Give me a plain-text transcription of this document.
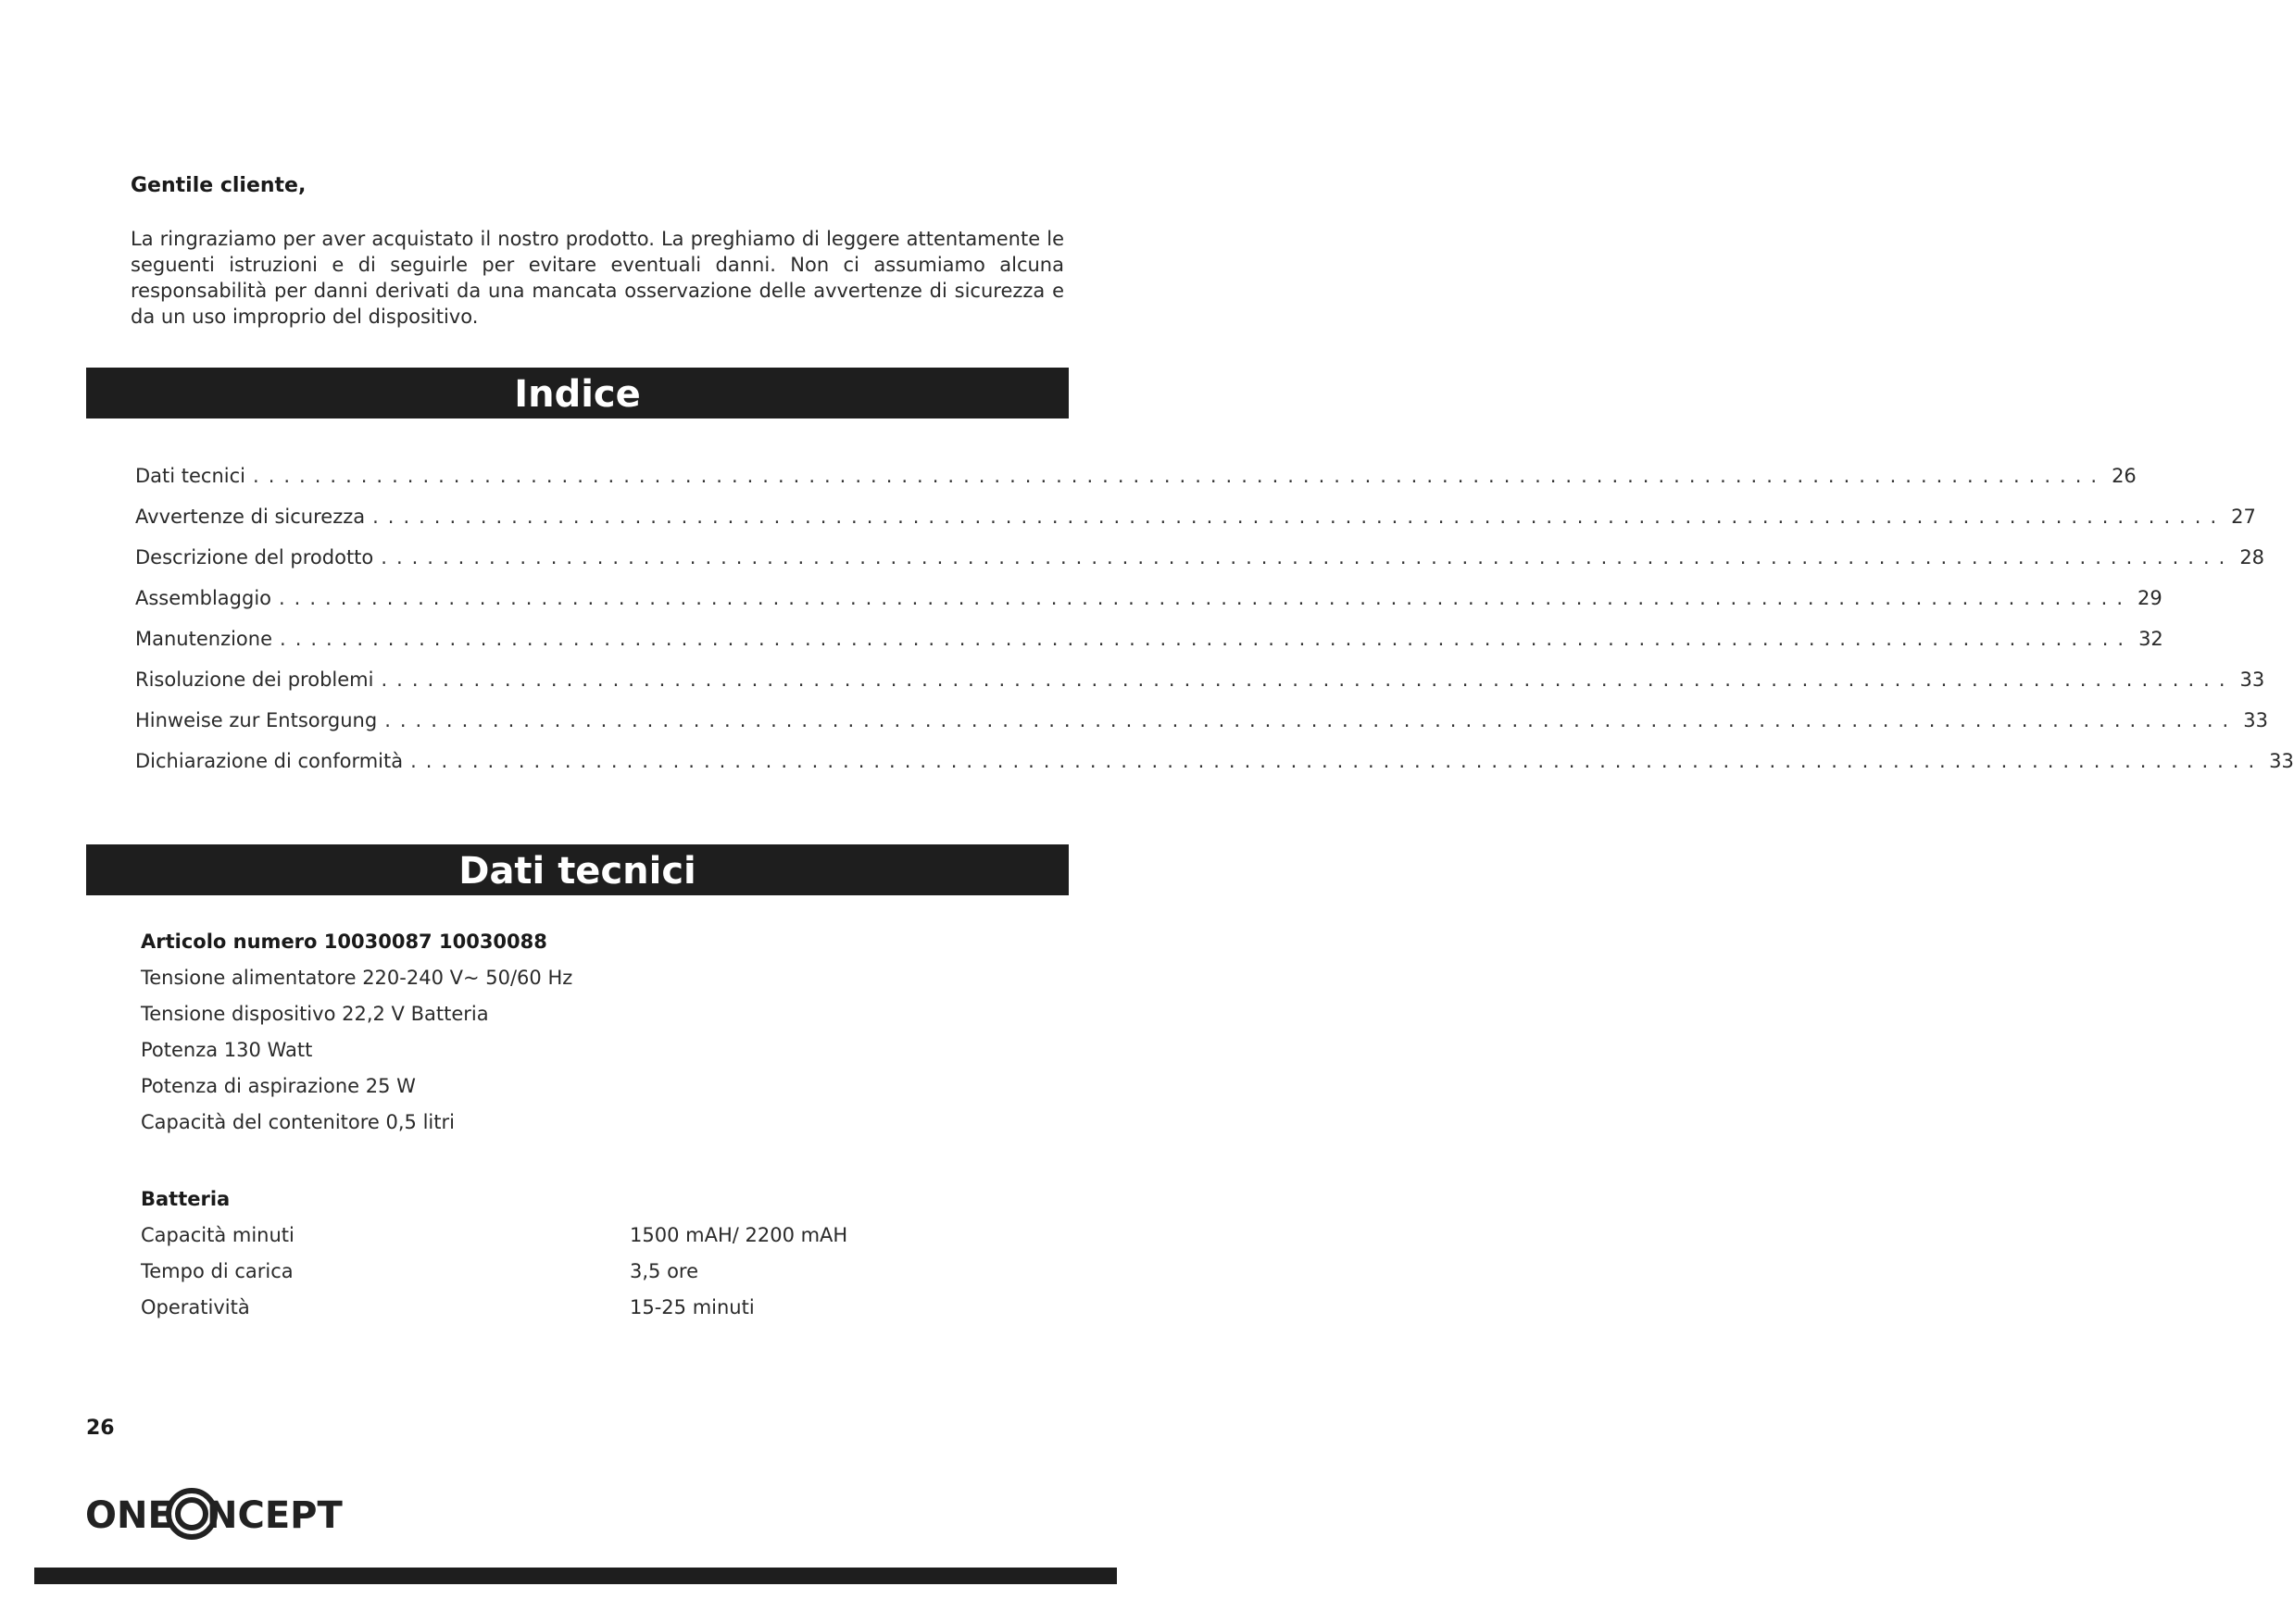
Gentile cliente,
La ringraziamo per aver acquistato il nostro prodotto. La preghiamo di leggere attentamente le seguenti istruzioni e di seguirle per evitare eventuali danni. Non ci assumiamo alcuna responsabilità per danni derivati da una mancata osservazione delle avvertenze di sicurezza e da un uso improprio del dispositivo.
Indice
Dati tecnici ........................................................................................................................ 26
Avvertenze di sicurezza ........................................................................................................................ 27
Descrizione del prodotto ........................................................................................................................ 28
Assemblaggio ........................................................................................................................ 29
Manutenzione ........................................................................................................................ 32
Risoluzione dei problemi ........................................................................................................................ 33
Hinweise zur Entsorgung ........................................................................................................................ 33
Dichiarazione di conformità ........................................................................................................................ 33
Dati tecnici
Articolo numero 10030087 10030088
Tensione alimentatore 220-240 V~ 50/60 Hz
Tensione dispositivo 22,2 V Batteria
Potenza 130 Watt
Potenza di aspirazione 25 W
Capacità del contenitore 0,5 litri
Batteria
Capacità minuti	1500 mAH/ 2200 mAH
Tempo di carica	3,5 ore
Operatività	15-25 minuti
26
ONE NCEPT
